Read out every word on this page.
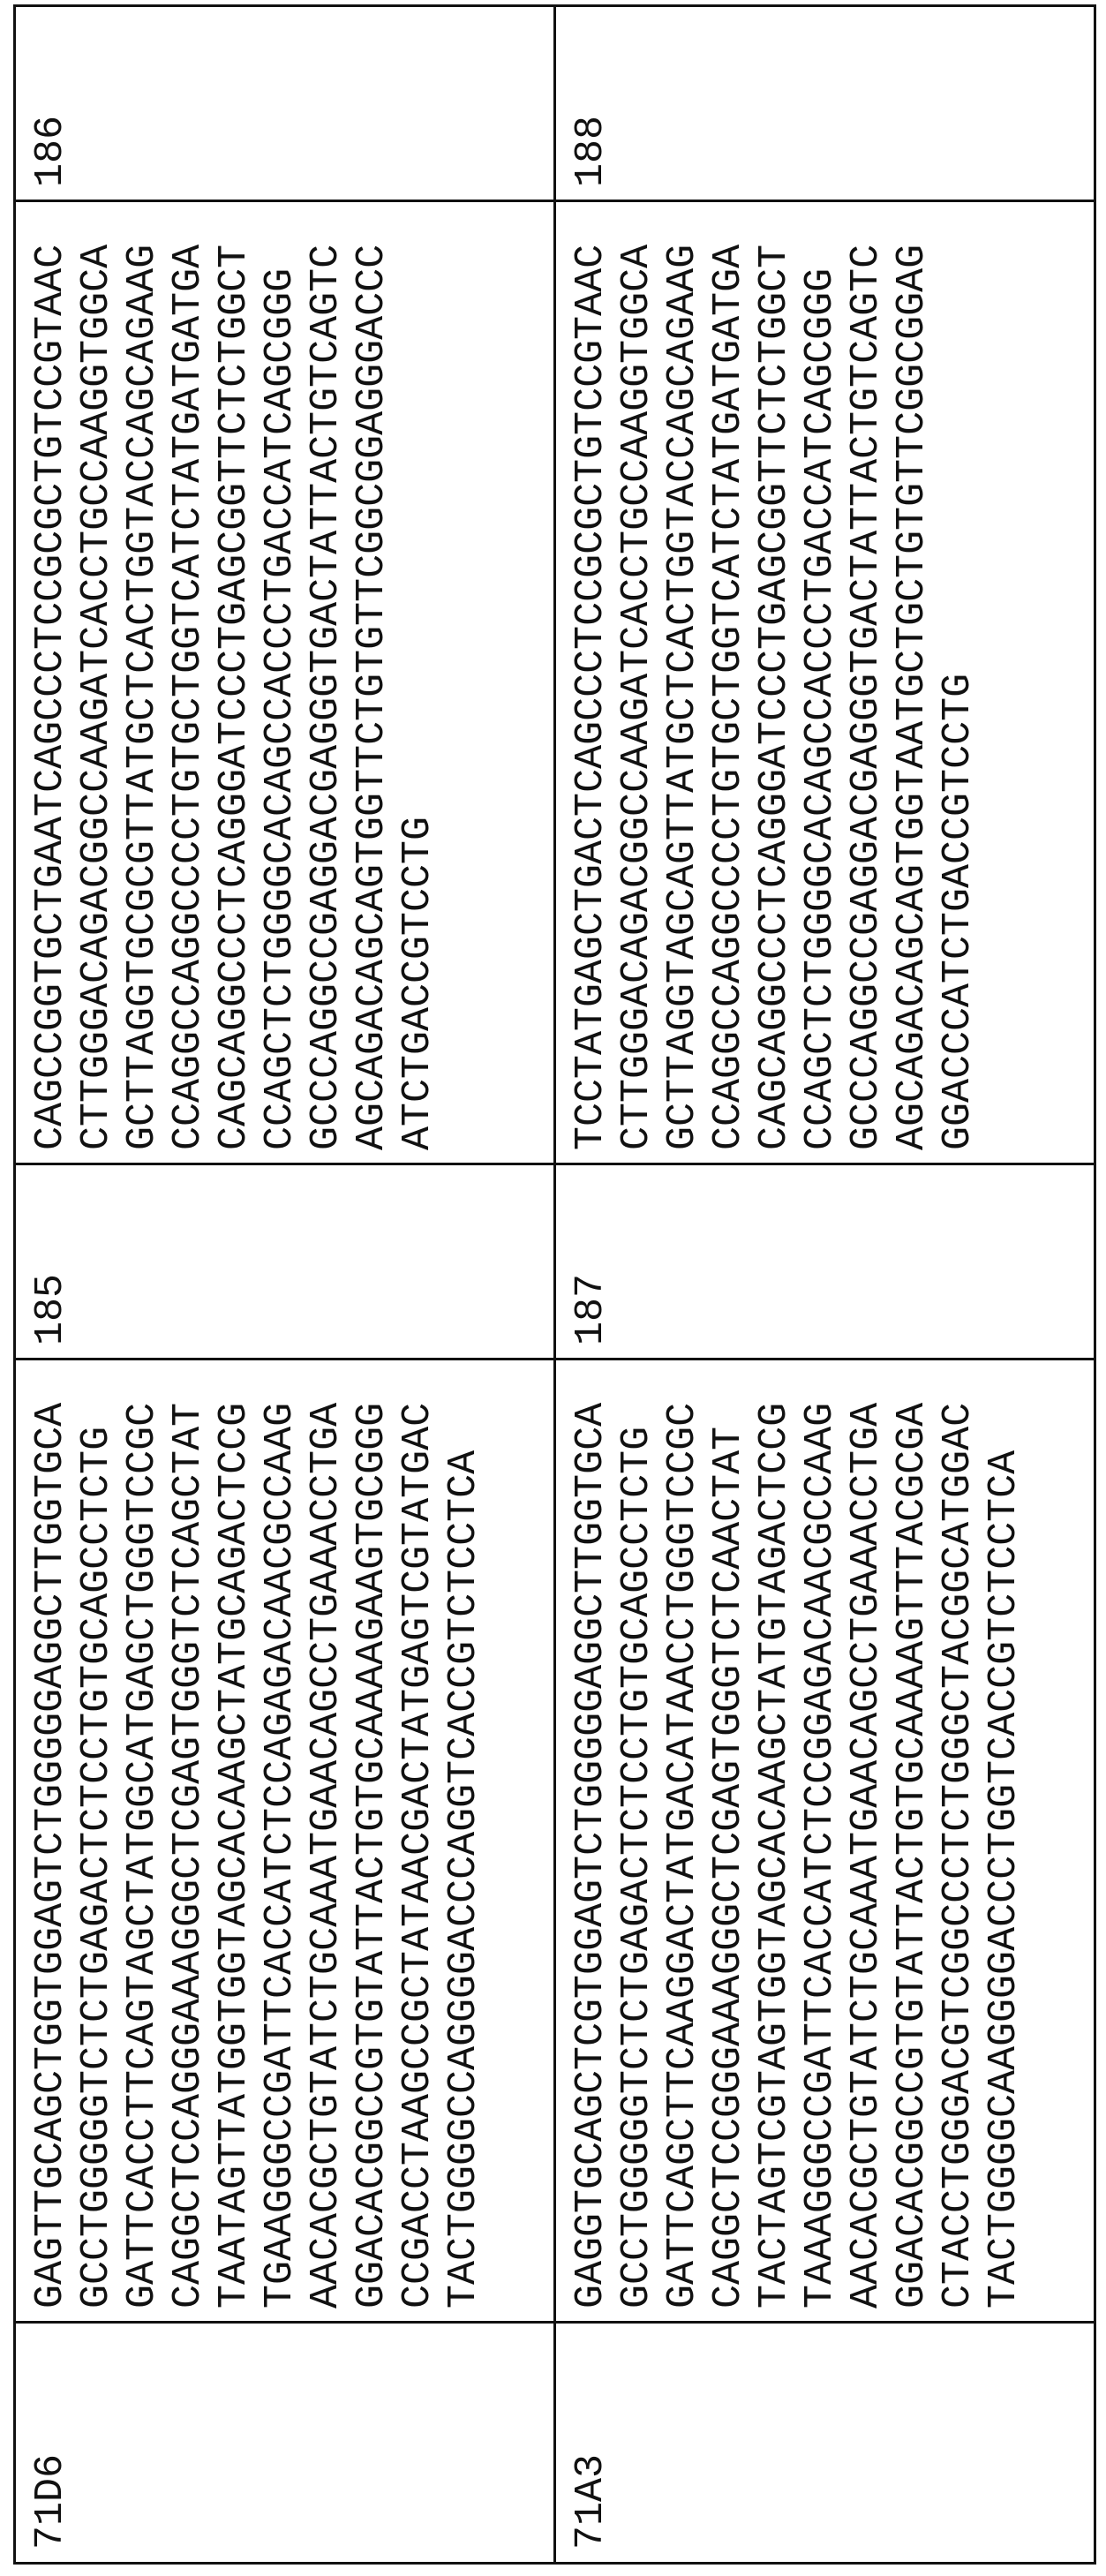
71D6	
GAGTTGCAGCTGGTGGAGTCTGGGGGAGGCTTGGTGCA GCCTGGGGGTCTCTGAGACTCTCCTGTGCAGCCTCTG GATTCACCTTCAGTAGCTATGGCATGAGCTGGGTCCGC CAGGCTCCAGGGAAAGGGCTCGAGTGGGTCTCAGCTAT TAATAGTTATGGTGGTAGCACAAGCTATGCAGACTCCG TGAAGGGCCGATTCACCATCTCCAGAGACAACGCCAAG AACACGCTGTATCTGCAAATGAACAGCCTGAAACCTGA GGACACGGCCGTGTATTACTGTGCAAAAGAAGTGCGGG CCGACCTAAGCCGCTATAACGACTATGAGTCGTATGAC TACTGGGGCCAGGGGACCCAGGTCACCGTCTCCTCA
	185	
CAGCCGGTGCTGAATCAGCCCTCCGCGCTGTCCGTAAC CTTGGGACAGACGGCCAAGATCACCTGCCAAGGTGGCA GCTTAGGTGCGCGTTATGCTCACTGGTACCAGCAGAAG CCAGGCCAGGCCCCTGTGCTGGTCATCTATGATGATGA CAGCAGGCCCTCAGGGATCCCTGAGCGGTTCTCTGGCT CCAGCTCTGGGGCACAGCCACCCTGACCATCAGCGGG GCCCAGGCCGAGGACGAGGGTGACTATTACTGTCAGTC AGCAGACAGCAGTGGTTCTGTGTTCGGCGGAGGGACCC ATCTGACCGTCCTG
	186
71A3	
GAGGTGCAGCTCGTGGAGTCTGGGGGAGGCTTGGTGCA GCCTGGGGGTCTCTGAGACTCTCCTGTGCAGCCTCTG GATTCAGCTTCAAGGACTATGACATAACCTGGGTCCGC CAGGCTCCGGGAAAGGGCTCGAGTGGGTCTCAACTAT TACTAGTCGTAGTGGTAGCACAAGCTATGTAGACTCCG TAAAGGGCCGATTCACCATCTCCGGAGACAACGCCAAG AACACGCTGTATCTGCAAATGAACAGCCTGAAACCTGA GGACACGGCCGTGTATTACTGTGCAAAAGTTTACGCGA CTACCTGGGACGTCGGCCCTCTGGGCTACGGCATGGAC TACTGGGGCAAGGGGACCCTGGTCACCGTCTCCTCA
	187	
TCCTATGAGCTGACTCAGCCCTCCGCGCTGTCCGTAAC CTTGGGACAGACGGCCAAGATCACCTGCCAAGGTGGCA GCTTAGGTAGCAGTTATGCTCACTGGTACCAGCAGAAG CCAGGCCAGGCCCCTGTGCTGGTCATCTATGATGATGA CAGCAGGCCCTCAGGGATCCCTGAGCGGTTCTCTGGCT CCAGCTCTGGGGCACAGCCACCCTGACCATCAGCGGG GCCCAGGCCGAGGACGAGGGTGACTATTACTGTCAGTC AGCAGACAGCAGTGGTAATGCTGCTGTGTTCGGCGGAG GGACCCATCTGACCGTCCTG
	188
